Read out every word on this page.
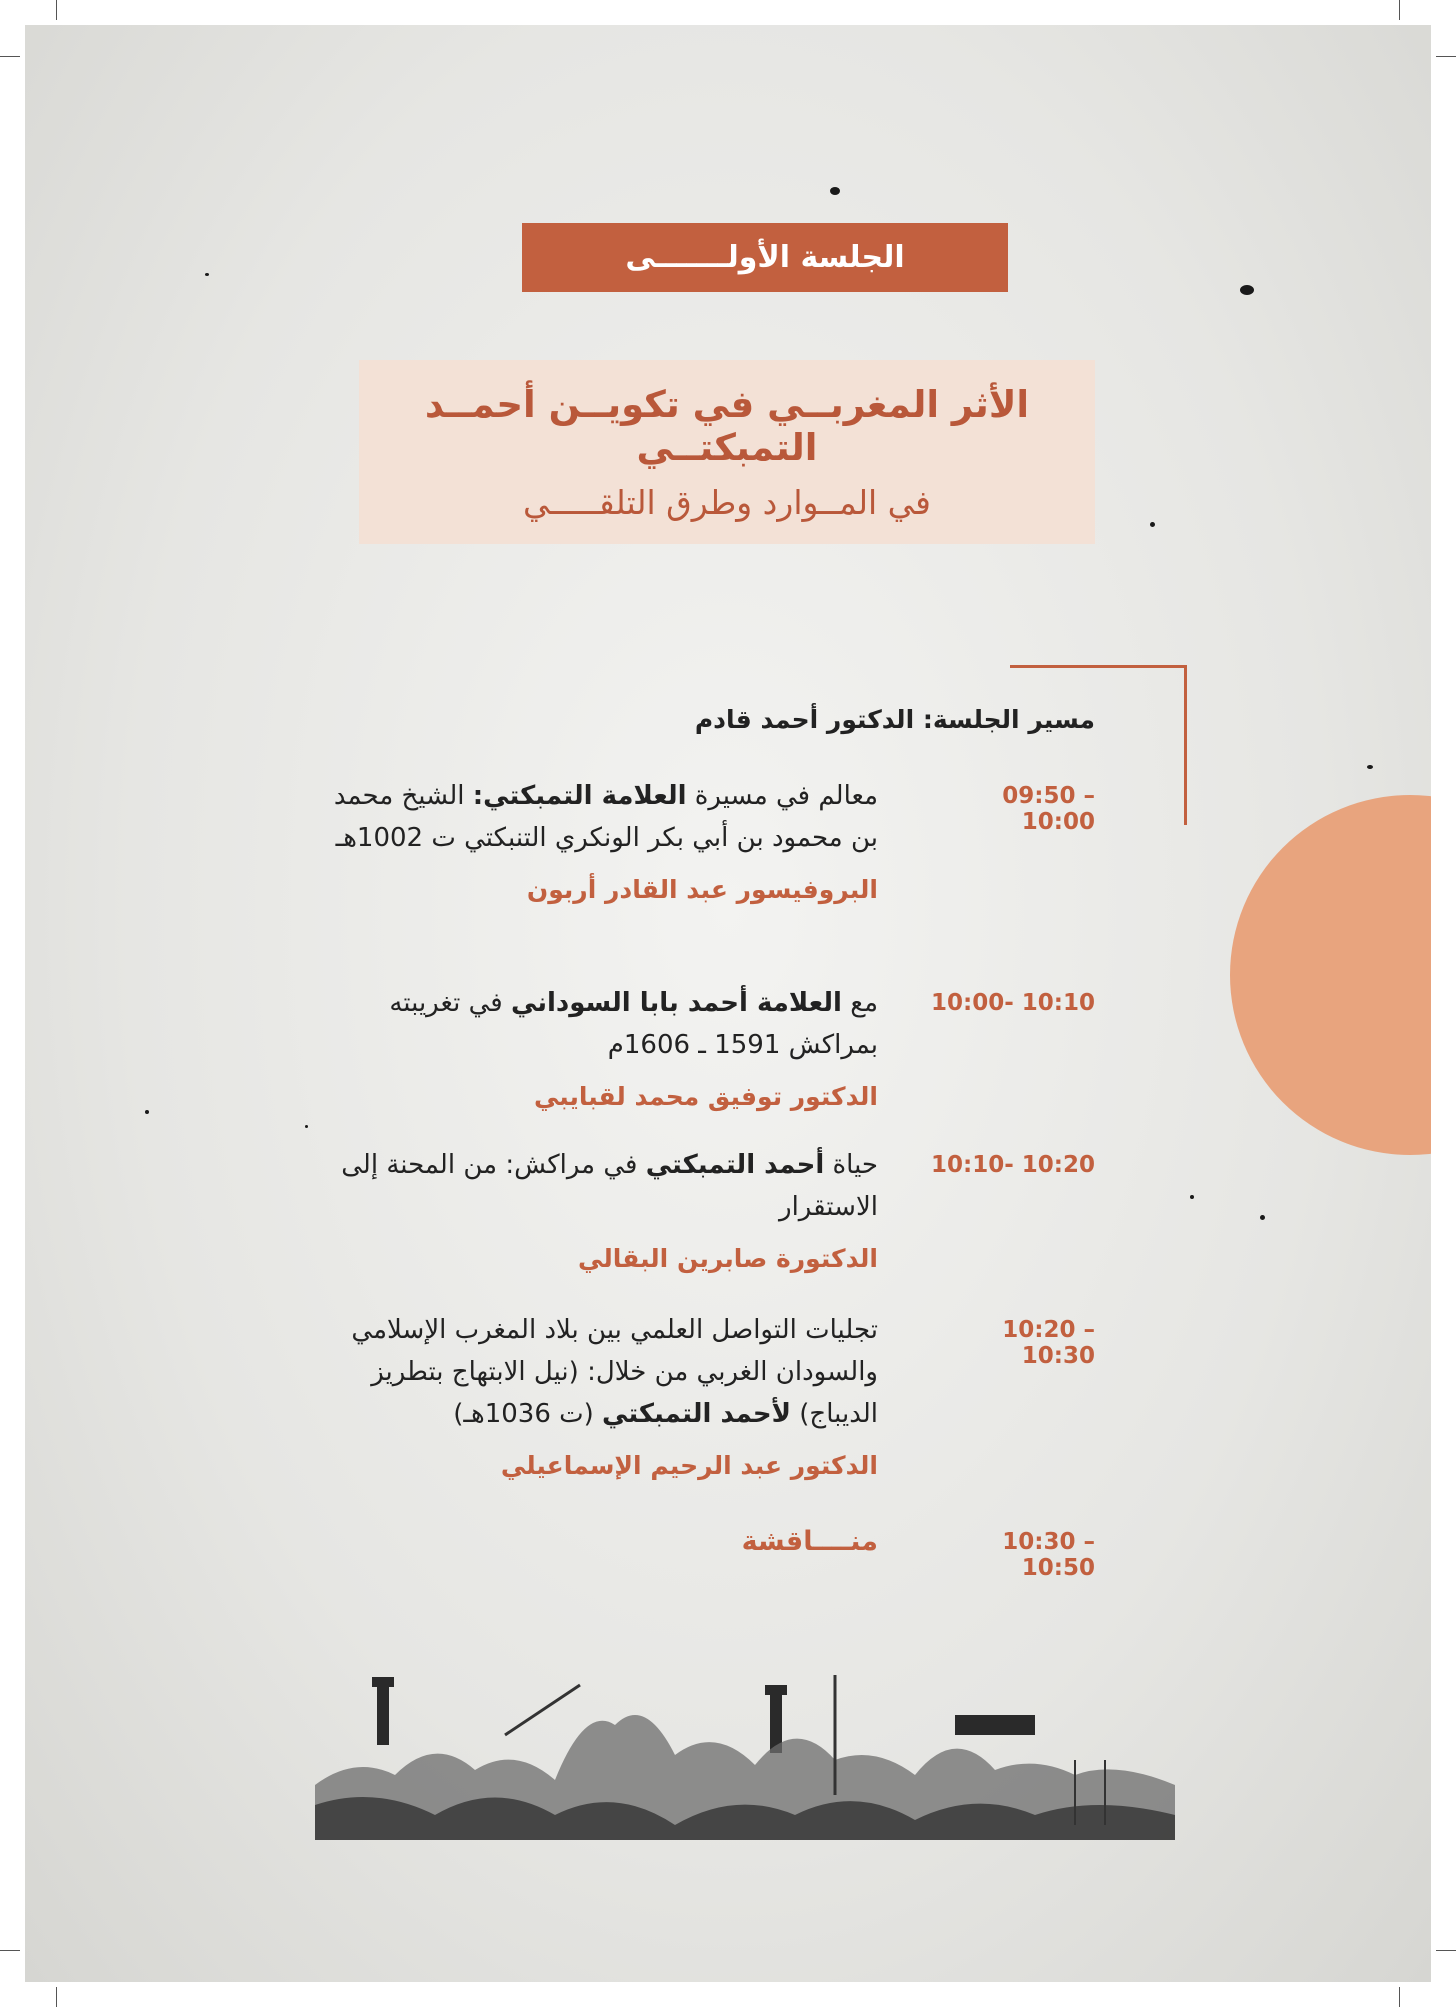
الجلسة الأولـــــــى
الأثر المغربــي في تكويــن أحمــد التمبكتــي
في المــوارد وطرق التلقـــــي
مسير الجلسة: الدكتور أحمد قادم
09:50 – 10:00
معالم في مسيرة العلامة التمبكتي: الشيخ محمد بن محمود بن أبي بكر الونكري التنبكتي ت 1002هـ
البروفيسور عبد القادر أربون
10:00- 10:10
مع العلامة أحمد بابا السوداني في تغريبته بمراكش 1591 ـ 1606م
الدكتور توفيق محمد لقبايبي
10:10- 10:20
حياة أحمد التمبكتي في مراكش: من المحنة إلى الاستقرار
الدكتورة صابرين البقالي
10:20 – 10:30
تجليات التواصل العلمي بين بلاد المغرب الإسلامي والسودان الغربي من خلال: (نيل الابتهاج بتطريز الديباج) لأحمد التمبكتي (ت 1036هـ)
الدكتور عبد الرحيم الإسماعيلي
10:30 – 10:50
منــــاقشة
